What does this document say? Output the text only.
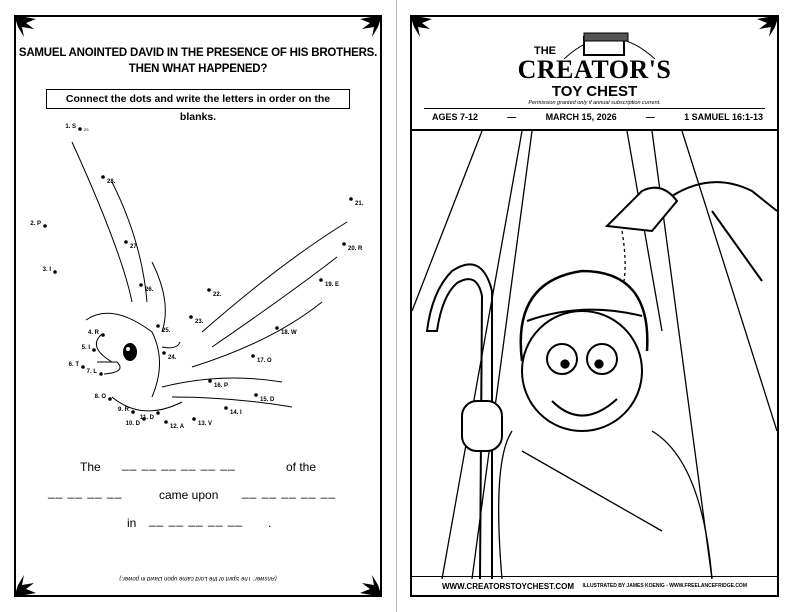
SAMUEL ANOINTED DAVID IN THE PRESENCE OF HIS BROTHERS.
THEN WHAT HAPPENED?
Connect the dots and write the letters in order on the blanks.
1. S
2. P
3. I
4. R
5. I
6. T
7. L
8. O
9. R
10. D
11. D
12. A 13. V
14. I
15. D
16. P
17. O
18. W
19. E
20. R
21.
22.
23.
24.
25.
26.
27.
28.
29.
The __ __ __ __ __ __	of the
__ __ __ __	came upon __ __ __ __ __
in __ __ __ __ __ .
(Answer: The Spirit of the Lord came upon David in power.)
THE
CREATOR'S
TOY CHEST
Permission granted only if annual subscription current.
AGES 7-12	—	MARCH 15, 2026	—	1 SAMUEL 16:1-13
WWW.CREATORSTOYCHEST.COM ILLUSTRATED BY JAMES KOENIG - WWW.FREELANCEFRIDGE.COM
